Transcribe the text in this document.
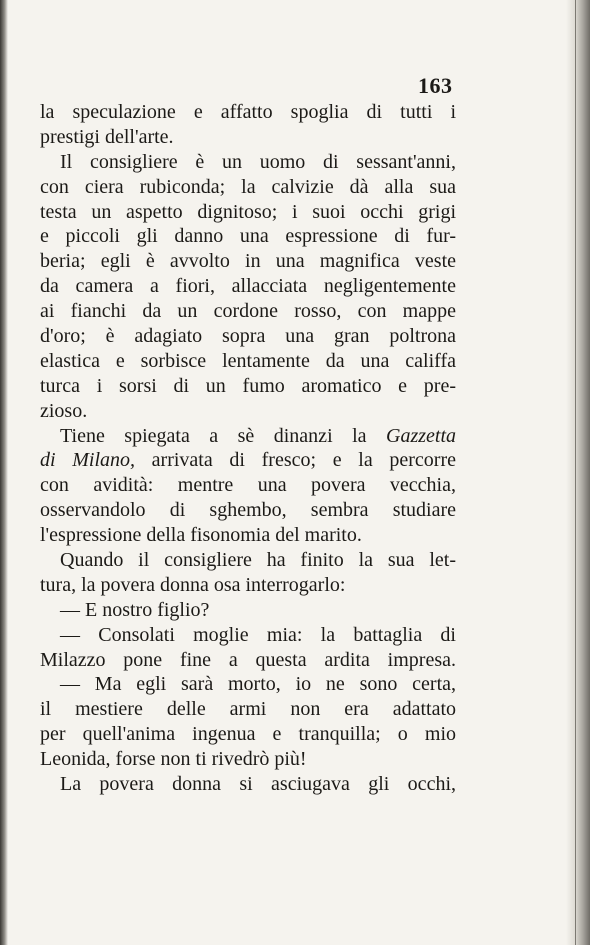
163

la speculazione e affatto spoglia di tutti i
prestigi dell'arte.
Il consigliere è un uomo di sessant'anni,
con ciera rubiconda; la calvizie dà alla sua
testa un aspetto dignitoso; i suoi occhi grigi
e piccoli gli danno una espressione di fur-
beria; egli è avvolto in una magnifica veste
da camera a fiori, allacciata negligentemente
ai fianchi da un cordone rosso, con mappe
d'oro; è adagiato sopra una gran poltrona
elastica e sorbisce lentamente da una califfa
turca i sorsi di un fumo aromatico e pre-
zioso.
Tiene spiegata a sè dinanzi la Gazzetta
di Milano, arrivata di fresco; e la percorre
con avidità: mentre una povera vecchia,
osservandolo di sghembo, sembra studiare
l'espressione della fisonomia del marito.
Quando il consigliere ha finito la sua let-
tura, la povera donna osa interrogarlo:
— E nostro figlio?
— Consolati moglie mia: la battaglia di
Milazzo pone fine a questa ardita impresa.
— Ma egli sarà morto, io ne sono certa,
il mestiere delle armi non era adattato
per quell'anima ingenua e tranquilla; o mio
Leonida, forse non ti rivedrò più!
La povera donna si asciugava gli occhi,
